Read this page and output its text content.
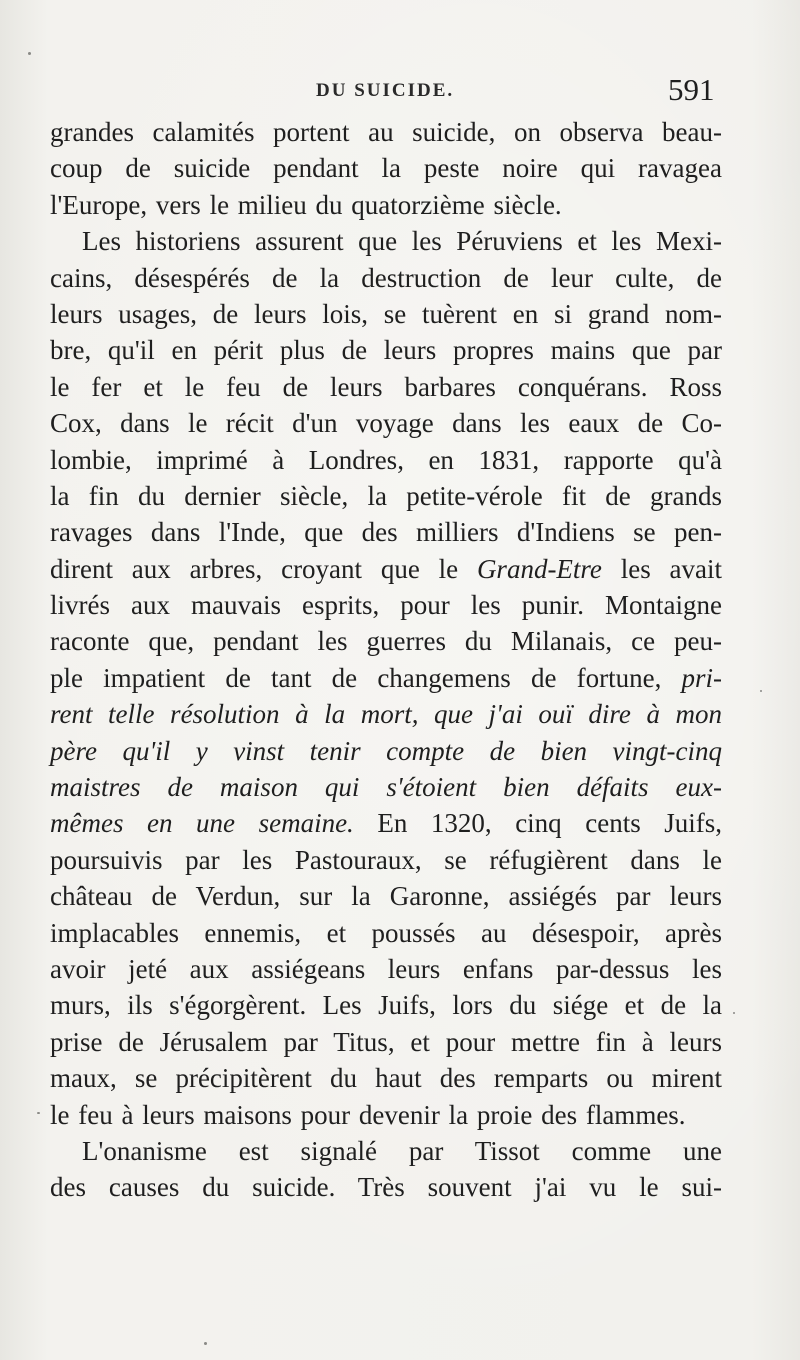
DU SUICIDE.	591
grandes calamités portent au suicide, on observa beau-
coup de suicide pendant la peste noire qui ravagea
l'Europe, vers le milieu du quatorzième siècle.
Les historiens assurent que les Péruviens et les Mexi-
cains, désespérés de la destruction de leur culte, de
leurs usages, de leurs lois, se tuèrent en si grand nom-
bre, qu'il en périt plus de leurs propres mains que par
le fer et le feu de leurs barbares conquérans. Ross
Cox, dans le récit d'un voyage dans les eaux de Co-
lombie, imprimé à Londres, en 1831, rapporte qu'à
la fin du dernier siècle, la petite-vérole fit de grands
ravages dans l'Inde, que des milliers d'Indiens se pen-
dirent aux arbres, croyant que le Grand-Etre les avait
livrés aux mauvais esprits, pour les punir. Montaigne
raconte que, pendant les guerres du Milanais, ce peu-
ple impatient de tant de changemens de fortune, pri-
rent telle résolution à la mort, que j'ai ouï dire à mon
père qu'il y vinst tenir compte de bien vingt-cinq
maistres de maison qui s'étoient bien défaits eux-
mêmes en une semaine. En 1320, cinq cents Juifs,
poursuivis par les Pastouraux, se réfugièrent dans le
château de Verdun, sur la Garonne, assiégés par leurs
implacables ennemis, et poussés au désespoir, après
avoir jeté aux assiégeans leurs enfans par-dessus les
murs, ils s'égorgèrent. Les Juifs, lors du siége et de la
prise de Jérusalem par Titus, et pour mettre fin à leurs
maux, se précipitèrent du haut des remparts ou mirent
le feu à leurs maisons pour devenir la proie des flammes.
L'onanisme est signalé par Tissot comme une
des causes du suicide. Très souvent j'ai vu le sui-
